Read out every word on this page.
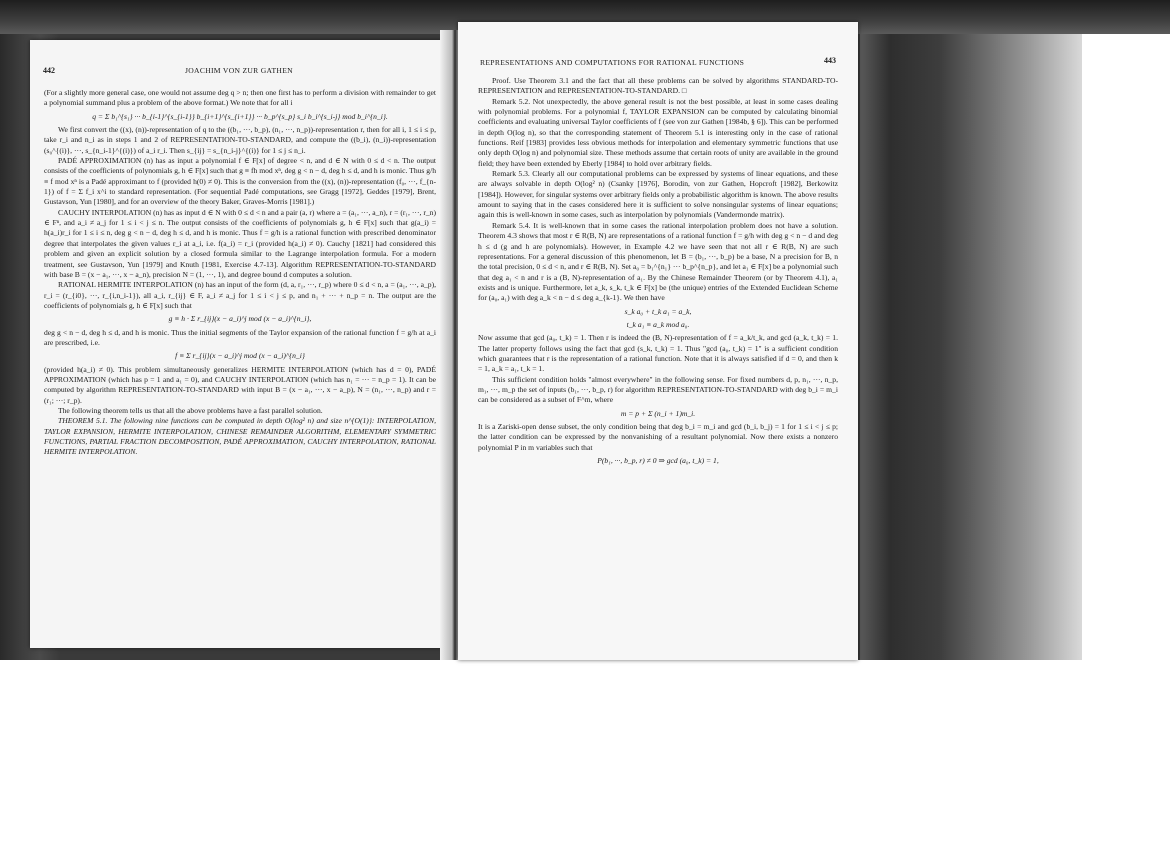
442	JOACHIM VON ZUR GATHEN

(For a slightly more general case, one would not assume deg q > n; then one first has to perform a division with remainder to get a polynomial summand plus a problem of the above format.) We note that for all i

q = Σ b₁^{s₁} ··· b_{i-1}^{s_{i-1}} b_{i+1}^{s_{i+1}} ··· b_p^{s_p} s_i b_i^{s_i-j} mod b_i^{n_i}.

We first convert the ((x), (n))-representation of q to the ((b₁, ···, b_p), (n₁, ···, n_p))-representation r, then for all i, 1 ≤ i ≤ p, take r_i and n_i as in steps 1 and 2 of REPRESENTATION-TO-STANDARD, and compute the ((b_i), (n_i))-representation (s₀^{(i)}, ···, s_{n_i-1}^{(i)}) of a_i r_i. Then s_{ij} = s_{n_i-j}^{(i)} for 1 ≤ j ≤ n_i.

PADÉ APPROXIMATION (n) has as input a polynomial f ∈ F[x] of degree < n, and d ∈ N with 0 ≤ d < n. The output consists of the coefficients of polynomials g, h ∈ F[x] such that g ≡ fh mod xⁿ, deg g < n − d, deg h ≤ d, and h is monic. Thus g/h ≡ f mod xⁿ is a Padé approximant to f (provided h(0) ≠ 0). This is the conversion from the ((x), (n))-representation (f₀, ···, f_{n-1}) of f = Σ f_i x^i to standard representation. (For sequential Padé computations, see Gragg [1972], Geddes [1979], Brent, Gustavson, Yun [1980], and for an overview of the theory Baker, Graves-Morris [1981].)

CAUCHY INTERPOLATION (n) has as input d ∈ N with 0 ≤ d < n and a pair (a, r) where a = (a₁, ···, a_n), r = (r₁, ···, r_n) ∈ Fⁿ, and a_i ≠ a_j for 1 ≤ i < j ≤ n. The output consists of the coefficients of polynomials g, h ∈ F[x] such that g(a_i) = h(a_i)r_i for 1 ≤ i ≤ n, deg g < n − d, deg h ≤ d, and h is monic. Thus f = g/h is a rational function with prescribed denominator degree that interpolates the given values r_i at a_i, i.e. f(a_i) = r_i (provided h(a_i) ≠ 0). Cauchy [1821] had considered this problem and given an explicit solution by a closed formula similar to the Lagrange interpolation formula. For a modern treatment, see Gustavson, Yun [1979] and Knuth [1981, Exercise 4.7-13]. Algorithm REPRESENTATION-TO-STANDARD with base B = (x − a₁, ···, x − a_n), precision N = (1, ···, 1), and degree bound d computes a solution.

RATIONAL HERMITE INTERPOLATION (n) has an input of the form (d, a, r₁, ···, r_p) where 0 ≤ d < n, a = (a₁, ···, a_p), r_i = (r_{i0}, ···, r_{i,n_i-1}), all a_i, r_{ij} ∈ F, a_i ≠ a_j for 1 ≤ i < j ≤ p, and n₁ + ··· + n_p = n. The output are the coefficients of polynomials g, h ∈ F[x] such that

g ≡ h · Σ r_{ij}(x − a_i)^j mod (x − a_i)^{n_i},

deg g < n − d, deg h ≤ d, and h is monic. Thus the initial segments of the Taylor expansion of the rational function f = g/h at a_i are prescribed, i.e.

f ≡ Σ r_{ij}(x − a_i)^j mod (x − a_i)^{n_i}

(provided h(a_i) ≠ 0). This problem simultaneously generalizes HERMITE INTERPOLATION (which has d = 0), PADÉ APPROXIMATION (which has p = 1 and a₁ = 0), and CAUCHY INTERPOLATION (which has n₁ = ··· = n_p = 1). It can be computed by algorithm REPRESENTATION-TO-STANDARD with input B = (x − a₁, ···, x − a_p), N = (n₁, ···, n_p) and r = (r₁; ···; r_p).

The following theorem tells us that all the above problems have a fast parallel solution.

THEOREM 5.1. The following nine functions can be computed in depth O(log² n) and size n^{O(1)}: INTERPOLATION, TAYLOR EXPANSION, HERMITE INTERPOLATION, CHINESE REMAINDER ALGORITHM, ELEMENTARY SYMMETRIC FUNCTIONS, PARTIAL FRACTION DECOMPOSITION, PADÉ APPROXIMATION, CAUCHY INTERPOLATION, RATIONAL HERMITE INTERPOLATION.

REPRESENTATIONS AND COMPUTATIONS FOR RATIONAL FUNCTIONS	443

Proof. Use Theorem 3.1 and the fact that all these problems can be solved by algorithms STANDARD-TO-REPRESENTATION and REPRESENTATION-TO-STANDARD. □

Remark 5.2. Not unexpectedly, the above general result is not the best possible, at least in some cases dealing with polynomial problems. For a polynomial f, TAYLOR EXPANSION can be computed by calculating binomial coefficients and evaluating universal Taylor coefficients of f (see von zur Gathen [1984b, § 6]). This can be performed in depth O(log n), so that the corresponding statement of Theorem 5.1 is interesting only in the case of rational functions. Reif [1983] provides less obvious methods for interpolation and elementary symmetric functions that use only depth O(log n) and polynomial size. These methods assume that certain roots of unity are available in the ground field; they have been extended by Eberly [1984] to hold over arbitrary fields.

Remark 5.3. Clearly all our computational problems can be expressed by systems of linear equations, and these are always solvable in depth O(log² n) (Csanky [1976], Borodin, von zur Gathen, Hopcroft [1982], Berkowitz [1984]). However, for singular systems over arbitrary fields only a probabilistic algorithm is known. The above results amount to saying that in the cases considered here it is sufficient to solve nonsingular systems of linear equations; again this is well-known in some cases, such as interpolation by polynomials (Vandermonde matrix).

Remark 5.4. It is well-known that in some cases the rational interpolation problem does not have a solution. Theorem 4.3 shows that most r ∈ R(B, N) are representations of a rational function f = g/h with deg g < n − d and deg h ≤ d (g and h are polynomials). However, in Example 4.2 we have seen that not all r ∈ R(B, N) are such representations. For a general discussion of this phenomenon, let B = (b₁, ···, b_p) be a base, N a precision for B, n the total precision, 0 ≤ d < n, and r ∈ R(B, N). Set a₀ = b₁^{n₁} ··· b_p^{n_p}, and let a₁ ∈ F[x] be a polynomial such that deg a₁ < n and r is a (B, N)-representation of a₁. By the Chinese Remainder Theorem (or by Theorem 4.1), a₁ exists and is unique. Furthermore, let a_k, s_k, t_k ∈ F[x] be (the unique) entries of the Extended Euclidean Scheme for (a₀, a₁) with deg a_k < n − d ≤ deg a_{k-1}. We then have

s_k a₀ + t_k a₁ = a_k,
t_k a₁ ≡ a_k mod a₀.

Now assume that gcd (a₀, t_k) = 1. Then r is indeed the (B, N)-representation of f = a_k/t_k, and gcd (a_k, t_k) = 1. The latter property follows using the fact that gcd (s_k, t_k) = 1. Thus "gcd (a₀, t_k) = 1" is a sufficient condition which guarantees that r is the representation of a rational function. Note that it is always satisfied if d = 0, and then k = 1, a_k = a₁, t_k = 1.

This sufficient condition holds "almost everywhere" in the following sense. For fixed numbers d, p, n₁, ···, n_p, m₁, ···, m_p the set of inputs (b₁, ···, b_p, r) for algorithm REPRESENTATION-TO-STANDARD with deg b_i = m_i can be considered as a subset of F^m, where

m = p + Σ (n_i + 1)m_i.

It is a Zariski-open dense subset, the only condition being that deg b_i = m_i and gcd (b_i, b_j) = 1 for 1 ≤ i < j ≤ p; the latter condition can be expressed by the nonvanishing of a resultant polynomial. Now there exists a nonzero polynomial P in m variables such that

P(b₁, ···, b_p, r) ≠ 0 ⇒ gcd (a₀, t_k) = 1,
